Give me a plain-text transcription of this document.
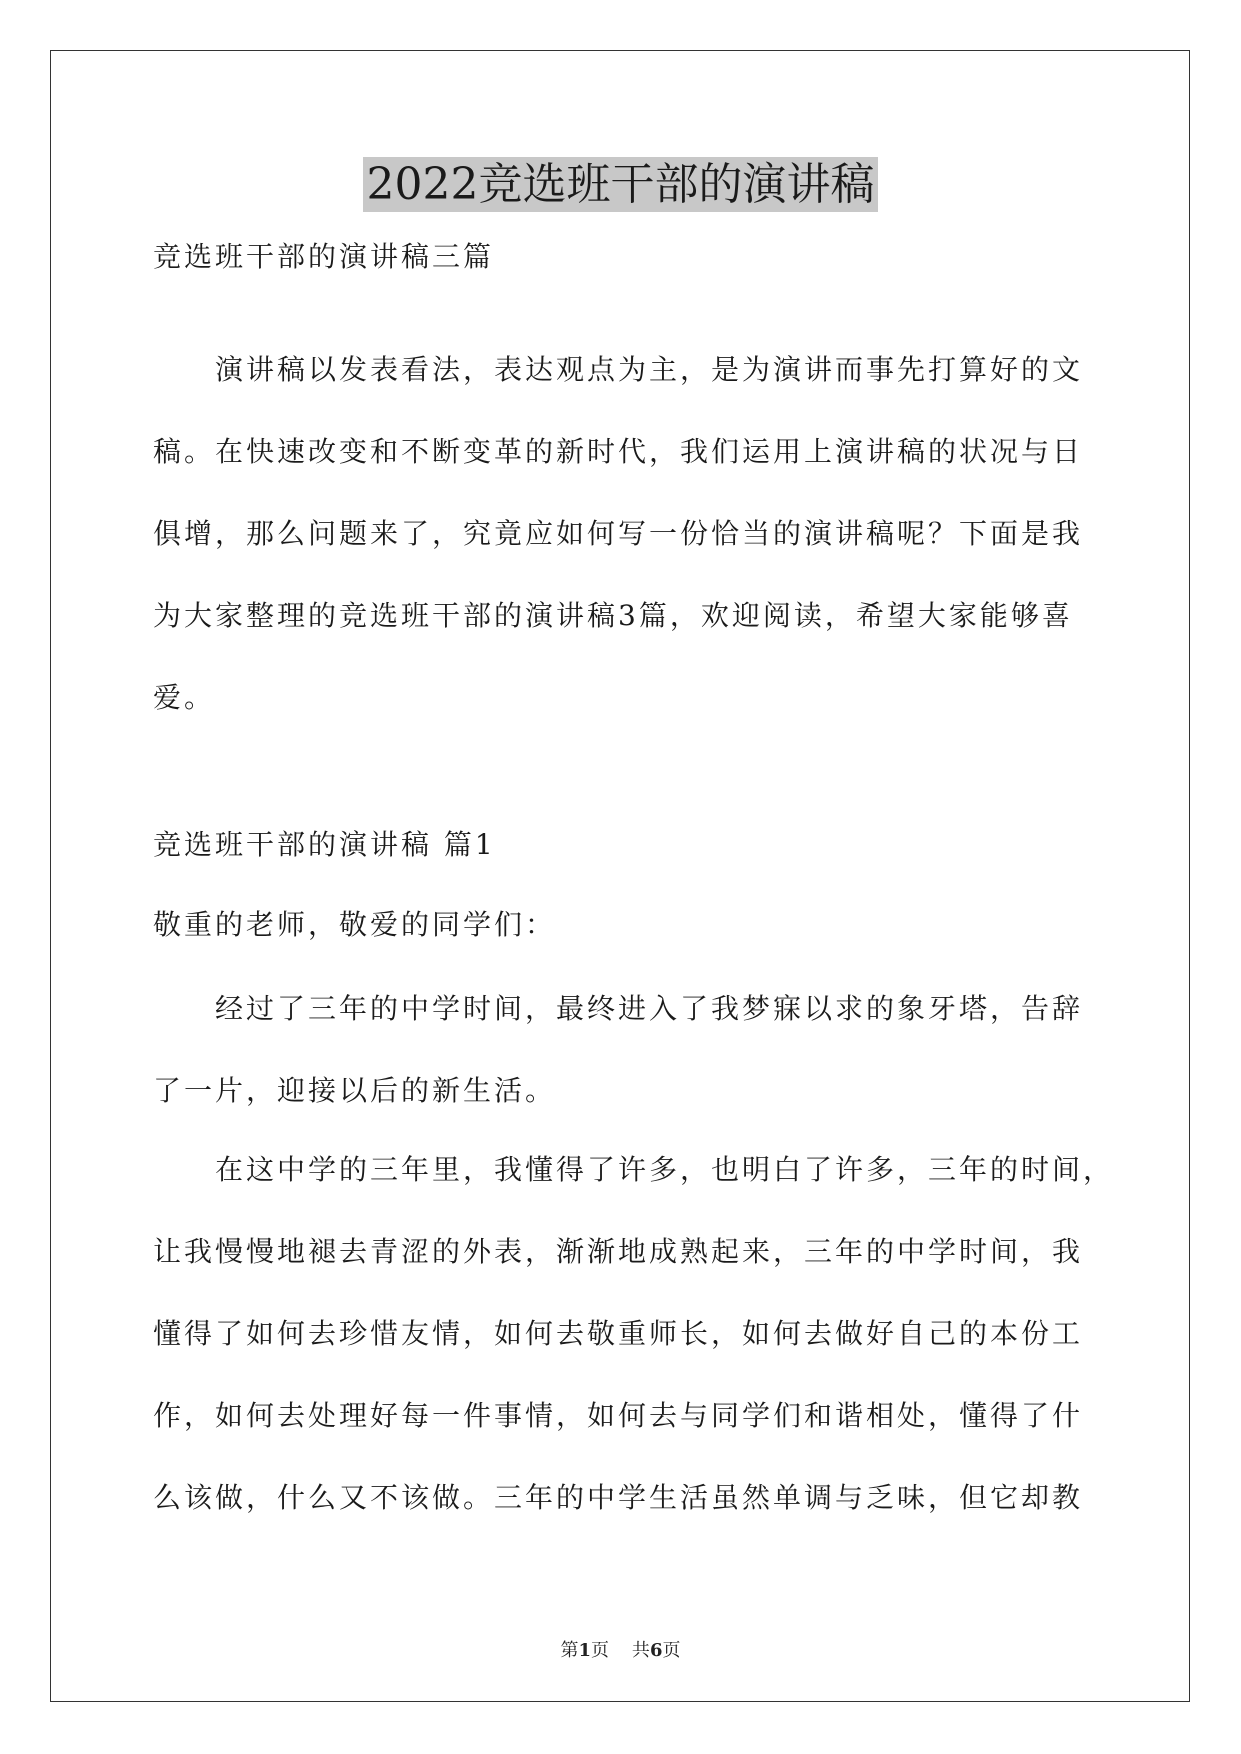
2022竞选班干部的演讲稿

竞选班干部的演讲稿三篇

演讲稿以发表看法，表达观点为主，是为演讲而事先打算好的文
稿。在快速改变和不断变革的新时代，我们运用上演讲稿的状况与日
俱增，那么问题来了，究竟应如何写一份恰当的演讲稿呢？下面是我
为大家整理的竞选班干部的演讲稿3篇，欢迎阅读，希望大家能够喜
爱。

竞选班干部的演讲稿 篇1

敬重的老师，敬爱的同学们：

经过了三年的中学时间，最终进入了我梦寐以求的象牙塔，告辞
了一片，迎接以后的新生活。
在这中学的三年里，我懂得了许多，也明白了许多，三年的时间，
让我慢慢地褪去青涩的外表，渐渐地成熟起来，三年的中学时间，我
懂得了如何去珍惜友情，如何去敬重师长，如何去做好自己的本份工
作，如何去处理好每一件事情，如何去与同学们和谐相处，懂得了什
么该做，什么又不该做。三年的中学生活虽然单调与乏味，但它却教
第1页    共6页
